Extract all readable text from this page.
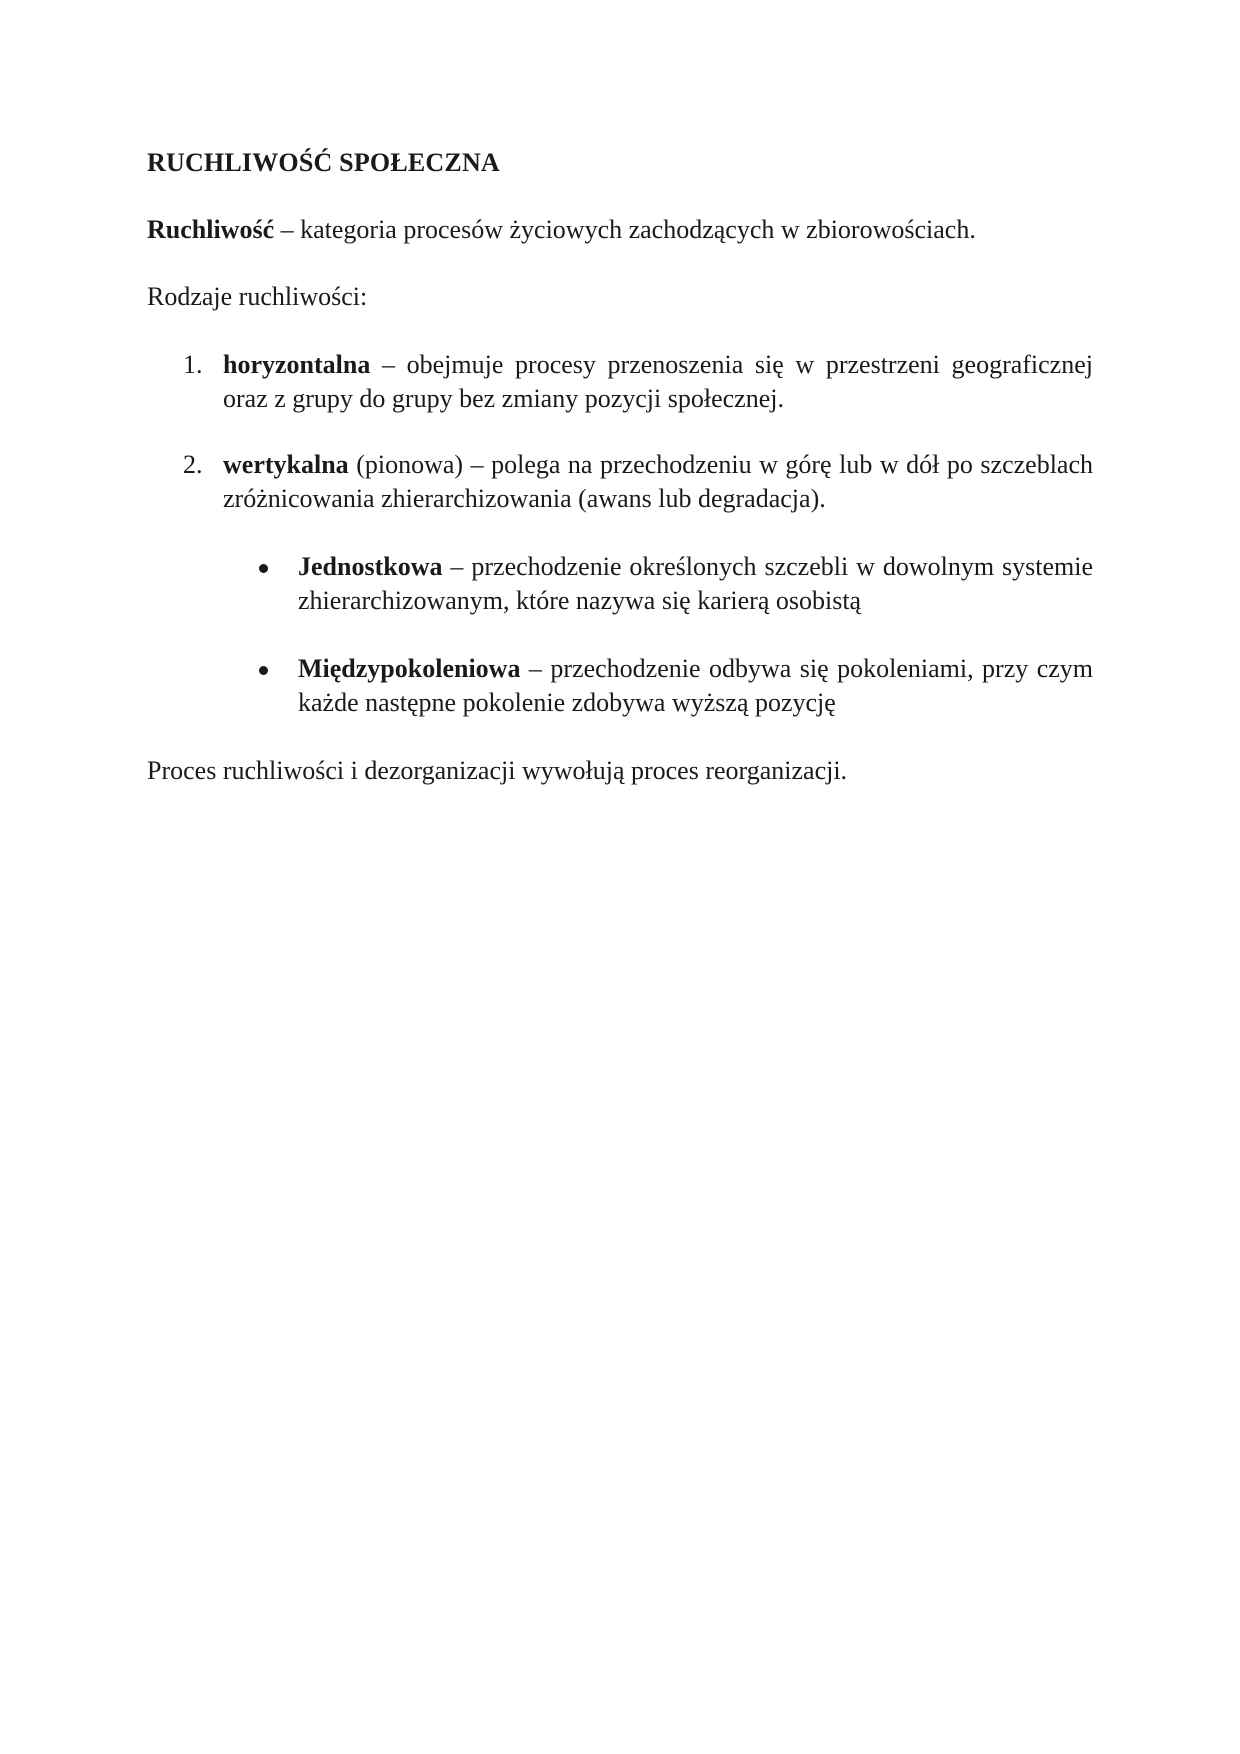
RUCHLIWOŚĆ SPOŁECZNA
Ruchliwość – kategoria procesów życiowych zachodzących w zbiorowościach.
Rodzaje ruchliwości:
1. horyzontalna – obejmuje procesy przenoszenia się w przestrzeni geograficznej oraz z grupy do grupy bez zmiany pozycji społecznej.
2. wertykalna (pionowa) – polega na przechodzeniu w górę lub w dół po szczeblach zróżnicowania zhierarchizowania (awans lub degradacja).
Jednostkowa – przechodzenie określonych szczebli w dowolnym systemie zhierarchizowanym, które nazywa się karierą osobistą
Międzypokoleniowa – przechodzenie odbywa się pokoleniami, przy czym każde następne pokolenie zdobywa wyższą pozycję
Proces ruchliwości i dezorganizacji wywołują proces reorganizacji.
